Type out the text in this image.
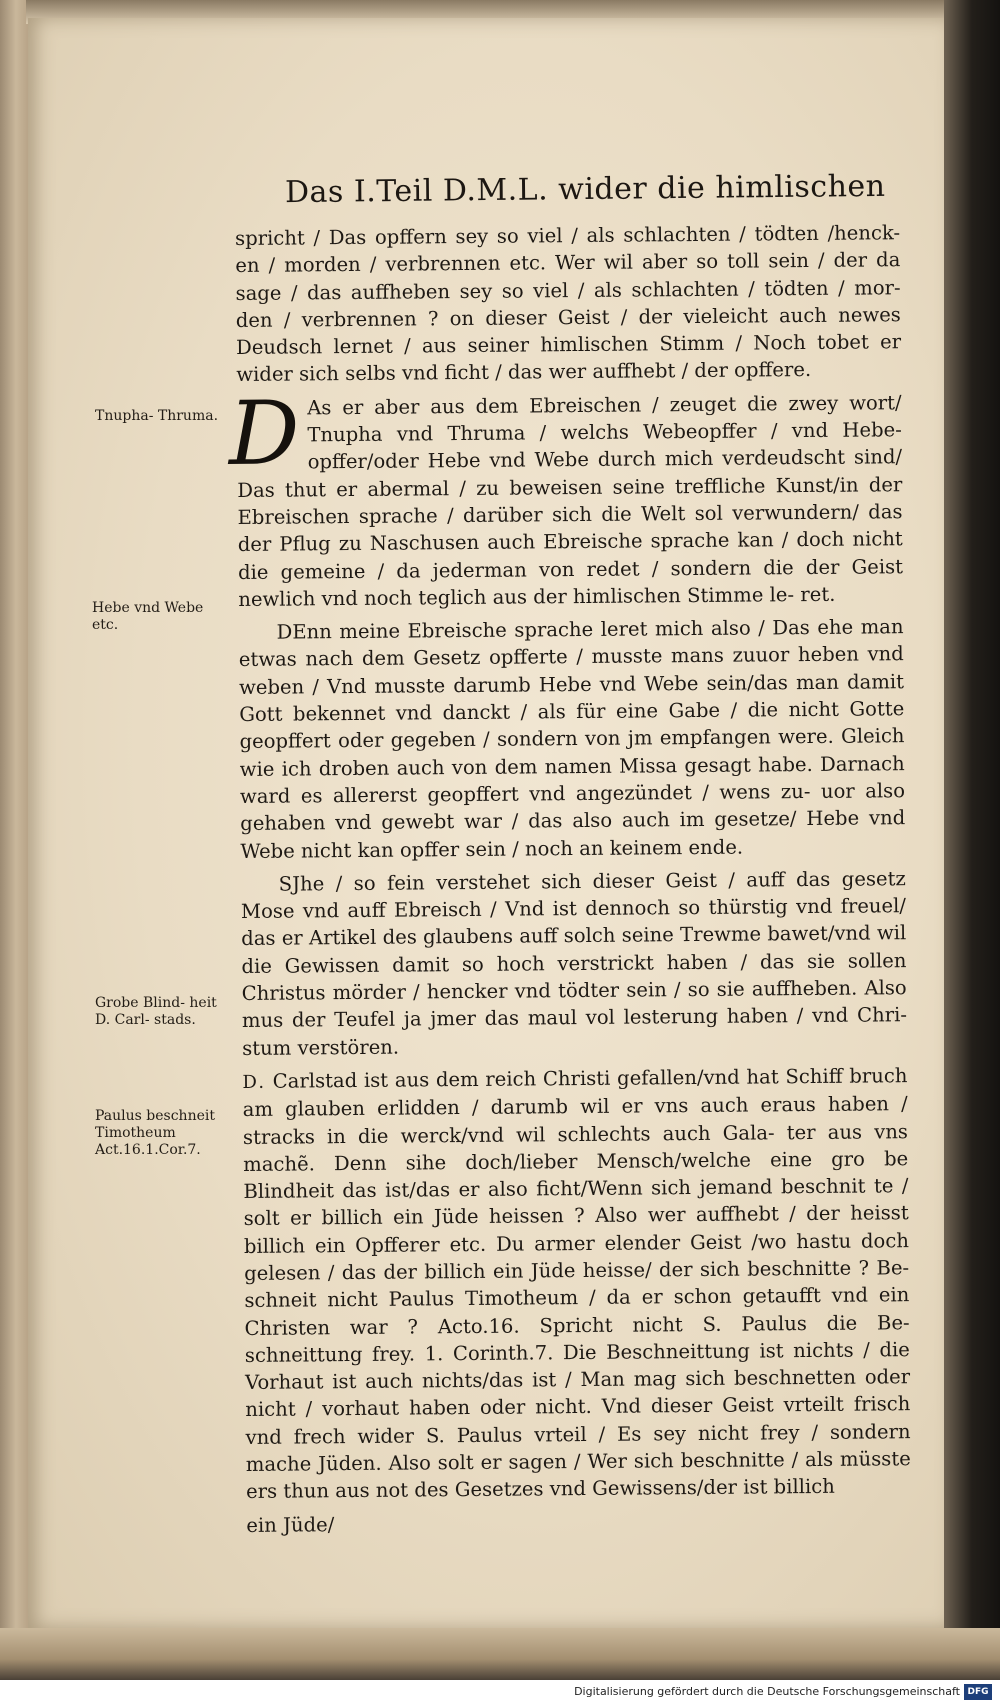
Das I.Teil D.M.L. wider die himlischen

spricht / Das opffern sey so viel / als schlachten / tödten /henck- en / morden / verbrennen etc. Wer wil aber so toll sein / der da sage / das auffheben sey so viel / als schlachten / tödten / mor- den / verbrennen ? on dieser Geist / der vieleicht auch newes Deudsch lernet / aus seiner himlischen Stimm / Noch tobet er wider sich selbs vnd ficht / das wer auffhebt / der opffere.

D As er aber aus dem Ebreischen / zeuget die zwey wort/ Tnupha vnd Thruma / welchs Webeopffer / vnd Hebe- opffer/oder Hebe vnd Webe durch mich verdeudscht sind/ Das thut er abermal / zu beweisen seine treffliche Kunst/in der Ebreischen sprache / darüber sich die Welt sol verwundern/ das der Pflug zu Naschusen auch Ebreische sprache kan / doch nicht die gemeine / da jederman von redet / sondern die der Geist newlich vnd noch teglich aus der himlischen Stimme le- ret.

DEnn meine Ebreische sprache leret mich also / Das ehe man etwas nach dem Gesetz opfferte / musste mans zuuor heben vnd weben / Vnd musste darumb Hebe vnd Webe sein/das man damit Gott bekennet vnd danckt / als für eine Gabe / die nicht Gotte geopffert oder gegeben / sondern von jm empfangen were. Gleich wie ich droben auch von dem namen Missa gesagt habe. Darnach ward es allererst geopffert vnd angezündet / wens zu- uor also gehaben vnd gewebt war / das also auch im gesetze/ Hebe vnd Webe nicht kan opffer sein / noch an keinem ende.

SJhe / so fein verstehet sich dieser Geist / auff das gesetz Mose vnd auff Ebreisch / Vnd ist dennoch so thürstig vnd freuel/ das er Artikel des glaubens auff solch seine Trewme bawet/vnd wil die Gewissen damit so hoch verstrickt haben / das sie sollen Christus mörder / hencker vnd tödter sein / so sie auffheben. Also mus der Teufel ja jmer das maul vol lesterung haben / vnd Chri- stum verstören.

D. Carlstad ist aus dem reich Christi gefallen/vnd hat Schiff bruch am glauben erlidden / darumb wil er vns auch eraus haben / stracks in die werck/vnd wil schlechts auch Gala- ter aus vns machẽ. Denn sihe doch/lieber Mensch/welche eine gro be Blindheit das ist/das er also ficht/Wenn sich jemand beschnit te / solt er billich ein Jüde heissen ? Also wer auffhebt / der heisst billich ein Opfferer etc. Du armer elender Geist /wo hastu doch gelesen / das der billich ein Jüde heisse/ der sich beschnitte ? Be- schneit nicht Paulus Timotheum / da er schon getaufft vnd ein Christen war ? Acto.16. Spricht nicht S. Paulus die Be- schneittung frey. 1. Corinth.7. Die Beschneittung ist nichts / die Vorhaut ist auch nichts/das ist / Man mag sich beschnetten oder nicht / vorhaut haben oder nicht. Vnd dieser Geist vrteilt frisch vnd frech wider S. Paulus vrteil / Es sey nicht frey / sondern mache Jüden. Also solt er sagen / Wer sich beschnitte / als müsste ers thun aus not des Gesetzes vnd Gewissens/der ist billich

ein Jüde/

Tnupha- Thruma.
Hebe vnd Webe etc.
Grobe Blind- heit D. Carl- stads.
Paulus beschneit Timotheum Act.16.1.Cor.7.
Digitalisierung gefördert durch die Deutsche Forschungsgemeinschaft DFG
